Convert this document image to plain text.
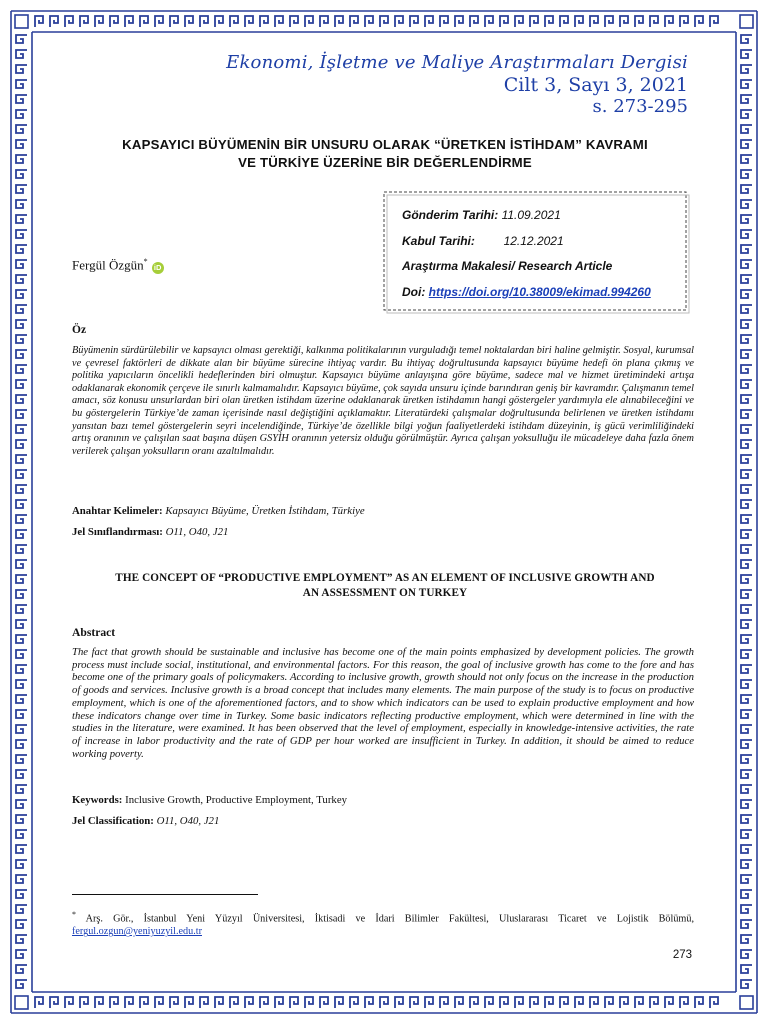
Ekonomi, İşletme ve Maliye Araştırmaları Dergisi
Cilt 3, Sayı 3, 2021
s. 273-295
KAPSAYICI BÜYÜMENİN BİR UNSURU OLARAK “ÜRETKEN İSTİHDAM” KAVRAMI
VE TÜRKİYE ÜZERİNE BİR DEĞERLENDİRME
Gönderim Tarihi: 11.09.2021
Kabul Tarihi: 12.12.2021
Araştırma Makalesi/ Research Article
Doi: https://doi.org/10.38009/ekimad.994260
Fergül Özgün*iD
Öz
Büyümenin sürdürülebilir ve kapsayıcı olması gerektiği, kalkınma politikalarının vurguladığı temel noktalardan biri haline gelmiştir. Sosyal, kurumsal ve çevresel faktörleri de dikkate alan bir büyüme sürecine ihtiyaç vardır. Bu ihtiyaç doğrultusunda kapsayıcı büyüme hedefi ön plana çıkmış ve politika yapıcıların öncelikli hedeflerinden biri olmuştur. Kapsayıcı büyüme anlayışına göre büyüme, sadece mal ve hizmet üretimindeki artışa odaklanarak ekonomik çerçeve ile sınırlı kalmamalıdır. Kapsayıcı büyüme, çok sayıda unsuru içinde barındıran geniş bir kavramdır. Çalışmanın temel amacı, söz konusu unsurlardan biri olan üretken istihdam üzerine odaklanarak üretken istihdamın hangi göstergeler yardımıyla ele alınabileceğini ve bu göstergelerin Türkiye’de zaman içerisinde nasıl değiştiğini açıklamaktır. Literatürdeki çalışmalar doğrultusunda belirlenen ve üretken istihdamı yansıtan bazı temel göstergelerin seyri incelendiğinde, Türkiye’de özellikle bilgi yoğun faaliyetlerdeki istihdam düzeyinin, iş gücü verimliliğindeki artış oranının ve çalışılan saat başına düşen GSYİH oranının yetersiz olduğu görülmüştür. Ayrıca çalışan yoksulluğu ile mücadeleye daha fazla önem verilerek çalışan yoksulların oranı azaltılmalıdır.
Anahtar Kelimeler: Kapsayıcı Büyüme, Üretken İstihdam, Türkiye
Jel Sınıflandırması: O11, O40, J21
THE CONCEPT OF “PRODUCTIVE EMPLOYMENT” AS AN ELEMENT OF INCLUSIVE GROWTH AND
AN ASSESSMENT ON TURKEY
Abstract
The fact that growth should be sustainable and inclusive has become one of the main points emphasized by development policies. The growth process must include social, institutional, and environmental factors. For this reason, the goal of inclusive growth has come to the fore and has become one of the primary goals of policymakers. According to inclusive growth, growth should not only focus on the increase in the production of goods and services. Inclusive growth is a broad concept that includes many elements. The main purpose of the study is to focus on productive employment, which is one of the aforementioned factors, and to show which indicators can be used to explain productive employment and how these indicators change over time in Turkey. Some basic indicators reflecting productive employment, which were determined in line with the studies in the literature, were examined. It has been observed that the level of employment, especially in knowledge-intensive activities, the rate of increase in labor productivity and the rate of GDP per hour worked are insufficient in Turkey. In addition, it should be aimed to reduce working poverty.
Keywords: Inclusive Growth, Productive Employment, Turkey
Jel Classification: O11, O40, J21
* Arş. Gör., İstanbul Yeni Yüzyıl Üniversitesi, İktisadi ve İdari Bilimler Fakültesi, Uluslararası Ticaret ve Lojistik Bölümü, fergul.ozgun@yeniyuzyil.edu.tr
273
